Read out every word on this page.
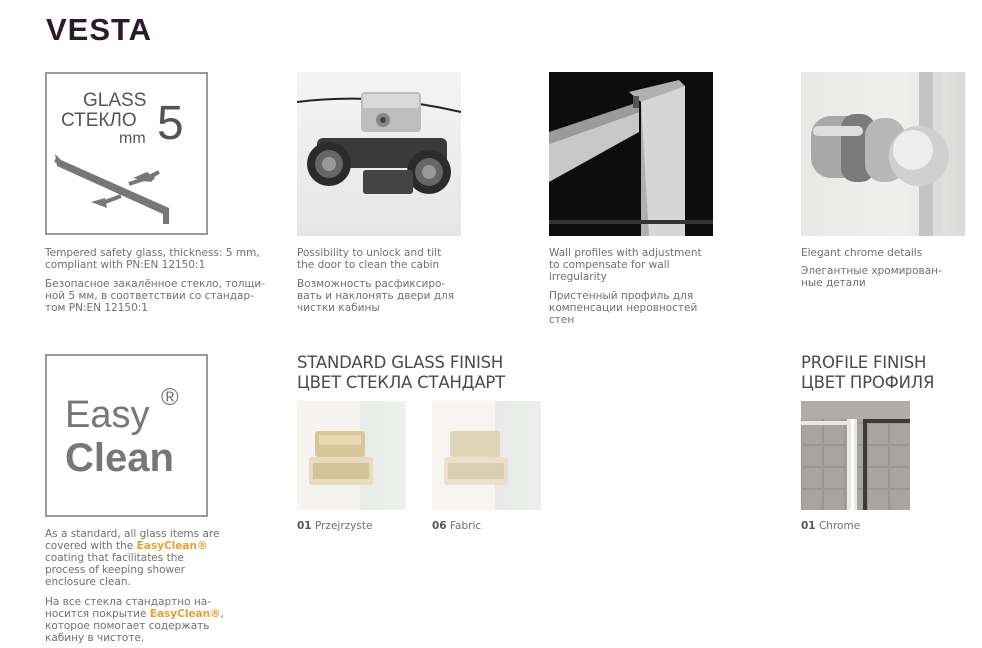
VESTA
GLASS
СТЕКЛО
mm 5
Tempered safety glass, thickness: 5 mm,
compliant with PN:EN 12150:1
Безопасное закалённое стекло, толщи-
ной 5 мм, в соответствии со стандар-
том PN:EN 12150:1
Possibility to unlock and tilt
the door to clean the cabin
Возможность расфиксиро-
вать и наклонять двери для
чистки кабины
Wall profiles with adjustment
to compensate for wall
irregularity
Пристенный профиль для
компенсации неровностей
стен
Elegant chrome details
Элегантные хромирован-
ные детали
Easy ®
Clean
As a standard, all glass items are
covered with the EasyClean®
coating that facilitates the
process of keeping shower
enclosure clean.
На все стекла стандартно на-
носится покрытие EasyClean®,
которое помогает содержать
кабину в чистоте.
STANDARD GLASS FINISH
ЦВЕТ СТЕКЛА СТАНДАРТ
01 Przejrzyste	06 Fabric
PROFILE FINISH
ЦВЕТ ПРОФИЛЯ
01 Chrome
